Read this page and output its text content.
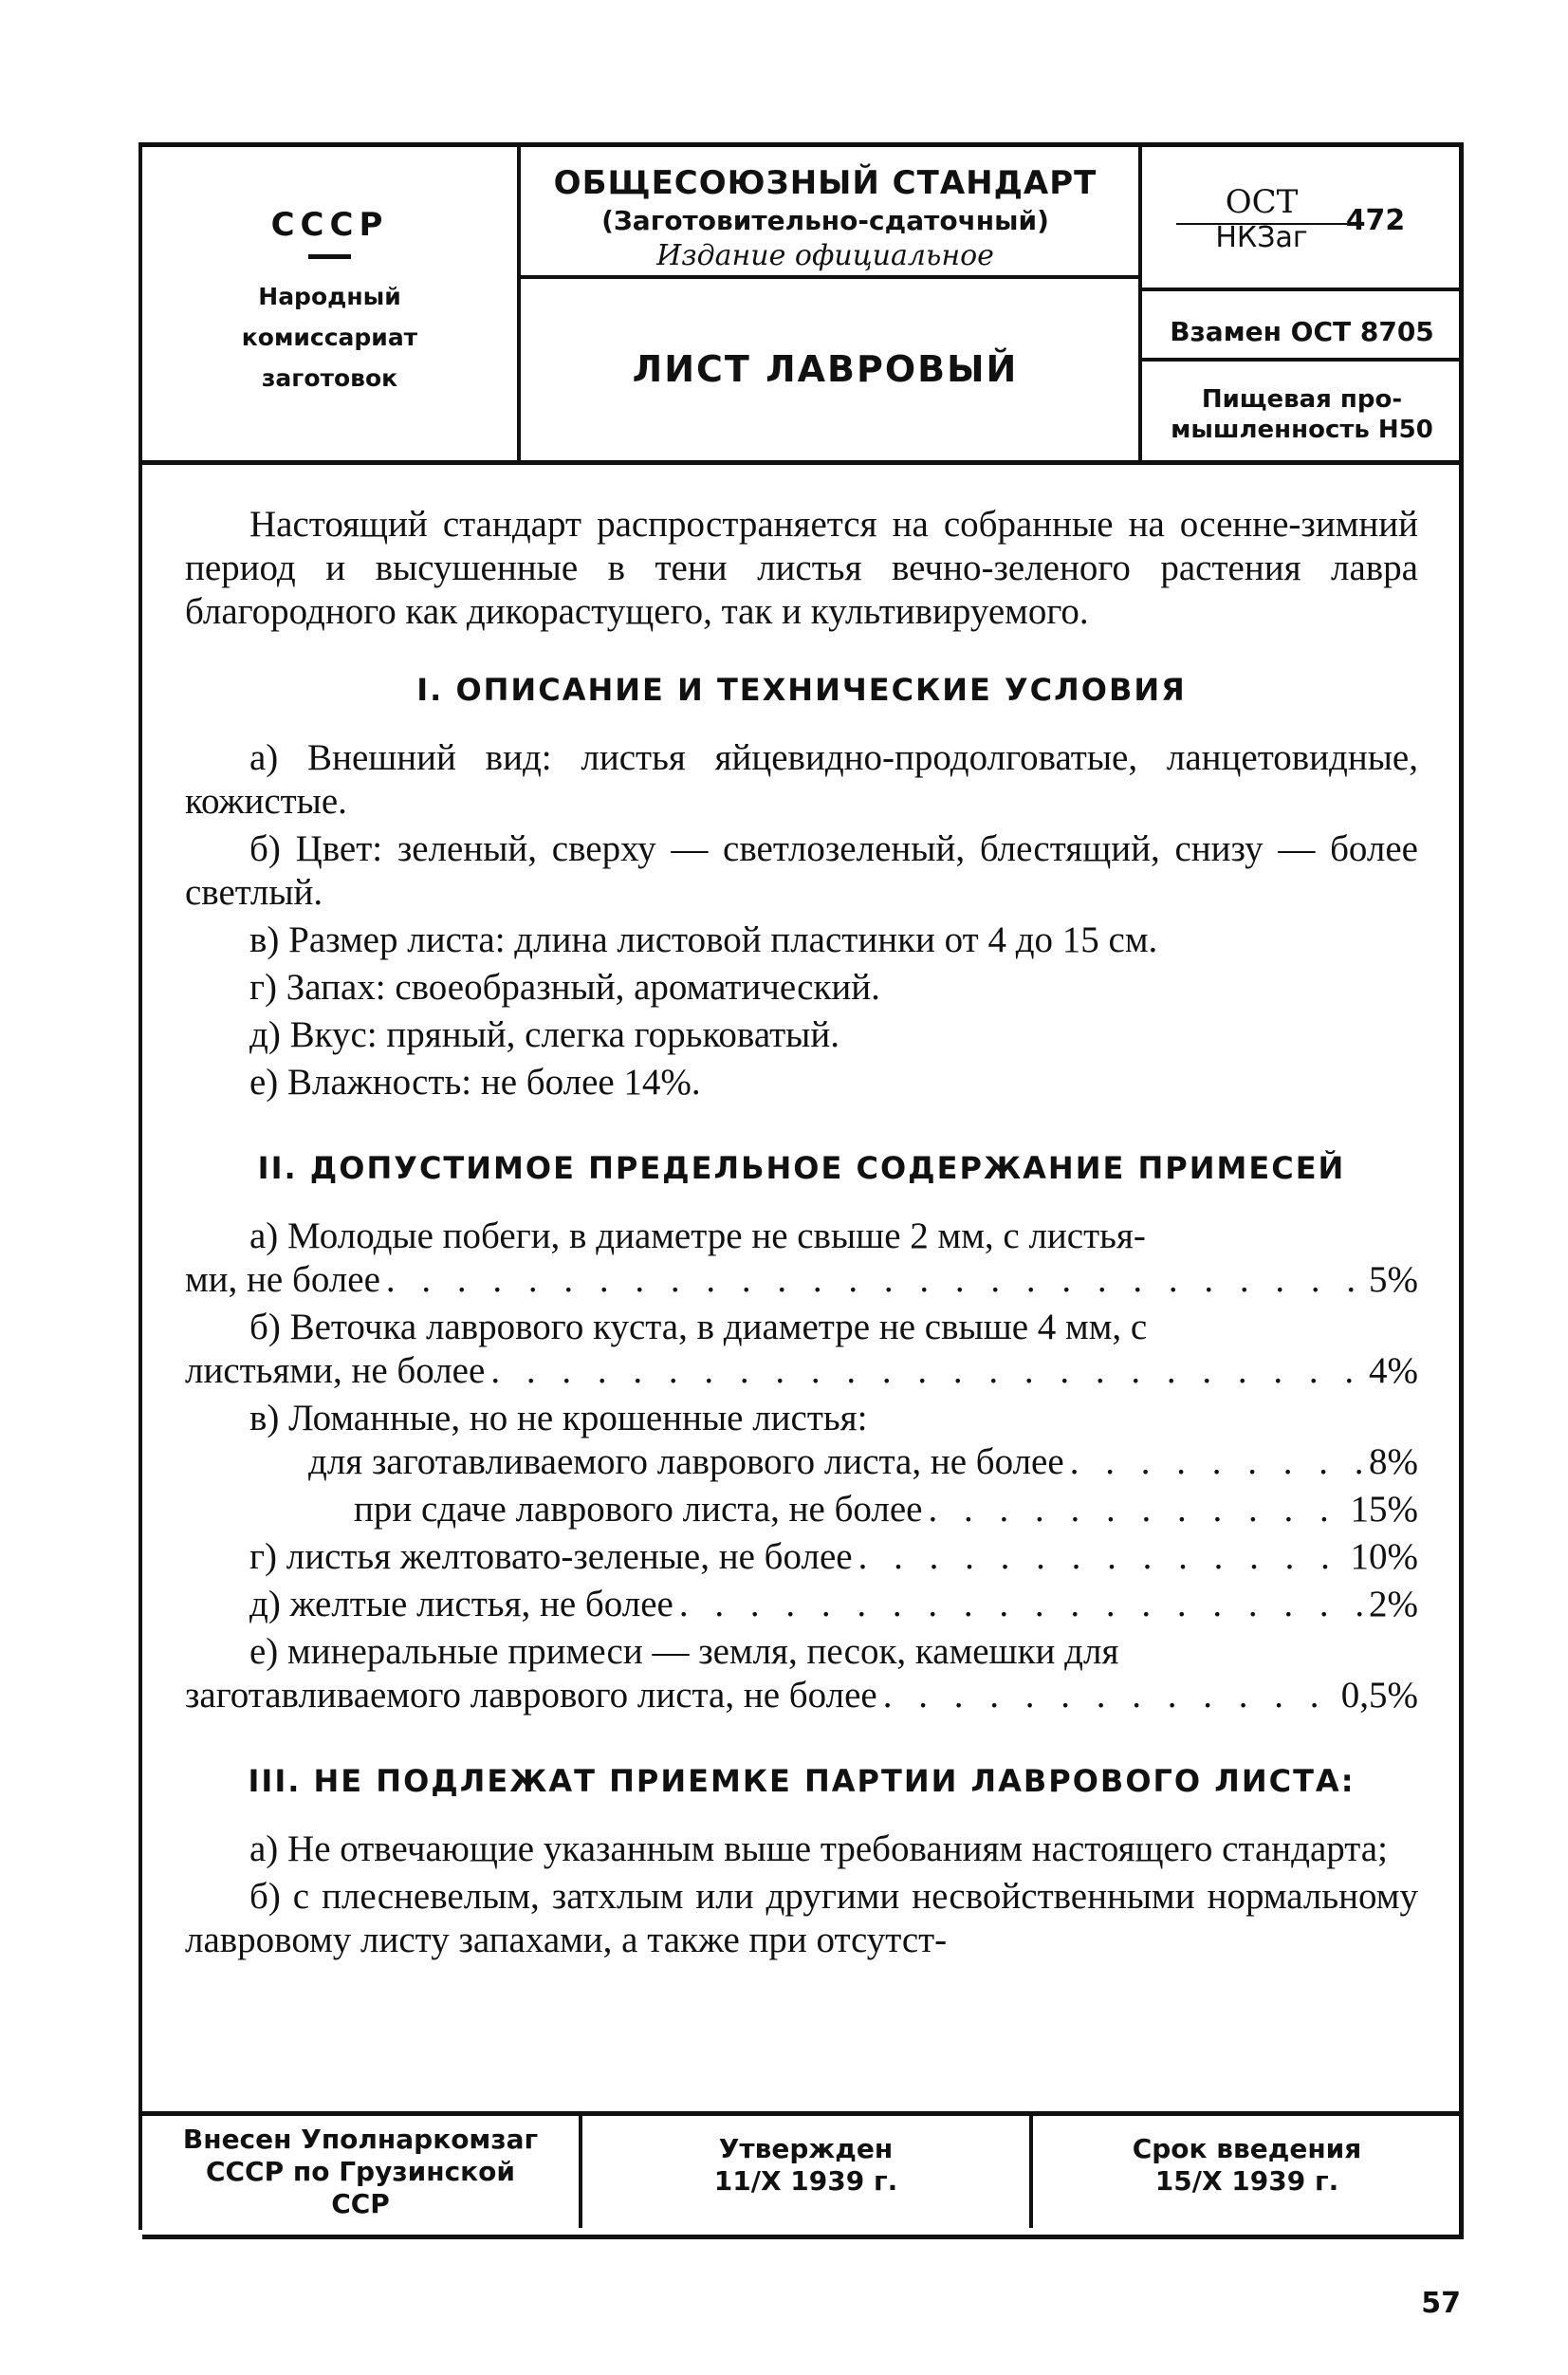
СССР
Народный
комиссариат
заготовок
ОБЩЕСОЮЗНЫЙ СТАНДАРТ
(Заготовительно-сдаточный)
Издание официальное
ЛИСТ ЛАВРОВЫЙ
ОСТ
НКЗаг
472
Взамен ОСТ 8705
Пищевая про-
мышленность Н50

Настоящий стандарт распространяется на собранные на осенне-зимний период и высушенные в тени листья вечно-зеленого растения лавра благородного как дикорастущего, так и культивируемого.

I. ОПИСАНИЕ И ТЕХНИЧЕСКИЕ УСЛОВИЯ

а) Внешний вид: листья яйцевидно-продолговатые, ланцетовидные, кожистые.

б) Цвет: зеленый, сверху — светлозеленый, блестящий, снизу — более светлый.

в) Размер листа: длина листовой пластинки от 4 до 15 см.

г) Запах: своеобразный, ароматический.

д) Вкус: пряный, слегка горьковатый.

е) Влажность: не более 14%.

II. ДОПУСТИМОЕ ПРЕДЕЛЬНОЕ СОДЕРЖАНИЕ ПРИМЕСЕЙ
а) Молодые побеги, в диаметре не свыше 2 мм, с листья-
ми, не более . . .	5%
б) Веточка лаврового куста, в диаметре не свыше 4 мм, с
листьями, не более . . .	4%
в) Ломанные, но не крошенные листья:
для заготавливаемого лаврового листа, не более . . .	8%
при сдаче лаврового листа, не более . . .	15%
г) листья желтовато-зеленые, не более . . .	10%
д) желтые листья, не более . . .	2%
е) минеральные примеси — земля, песок, камешки для
заготавливаемого лаврового листа, не более . . .	0,5%
III. НЕ ПОДЛЕЖАТ ПРИЕМКЕ ПАРТИИ ЛАВРОВОГО ЛИСТА:

а) Не отвечающие указанным выше требованиям настоящего стандарта;

б) с плесневелым, затхлым или другими несвойственными нормальному лавровому листу запахами, а также при отсутст-

Внесен Уполнаркомзаг
СССР по Грузинской
ССР
Утвержден
11/X 1939 г.
Срок введения
15/X 1939 г.
57
